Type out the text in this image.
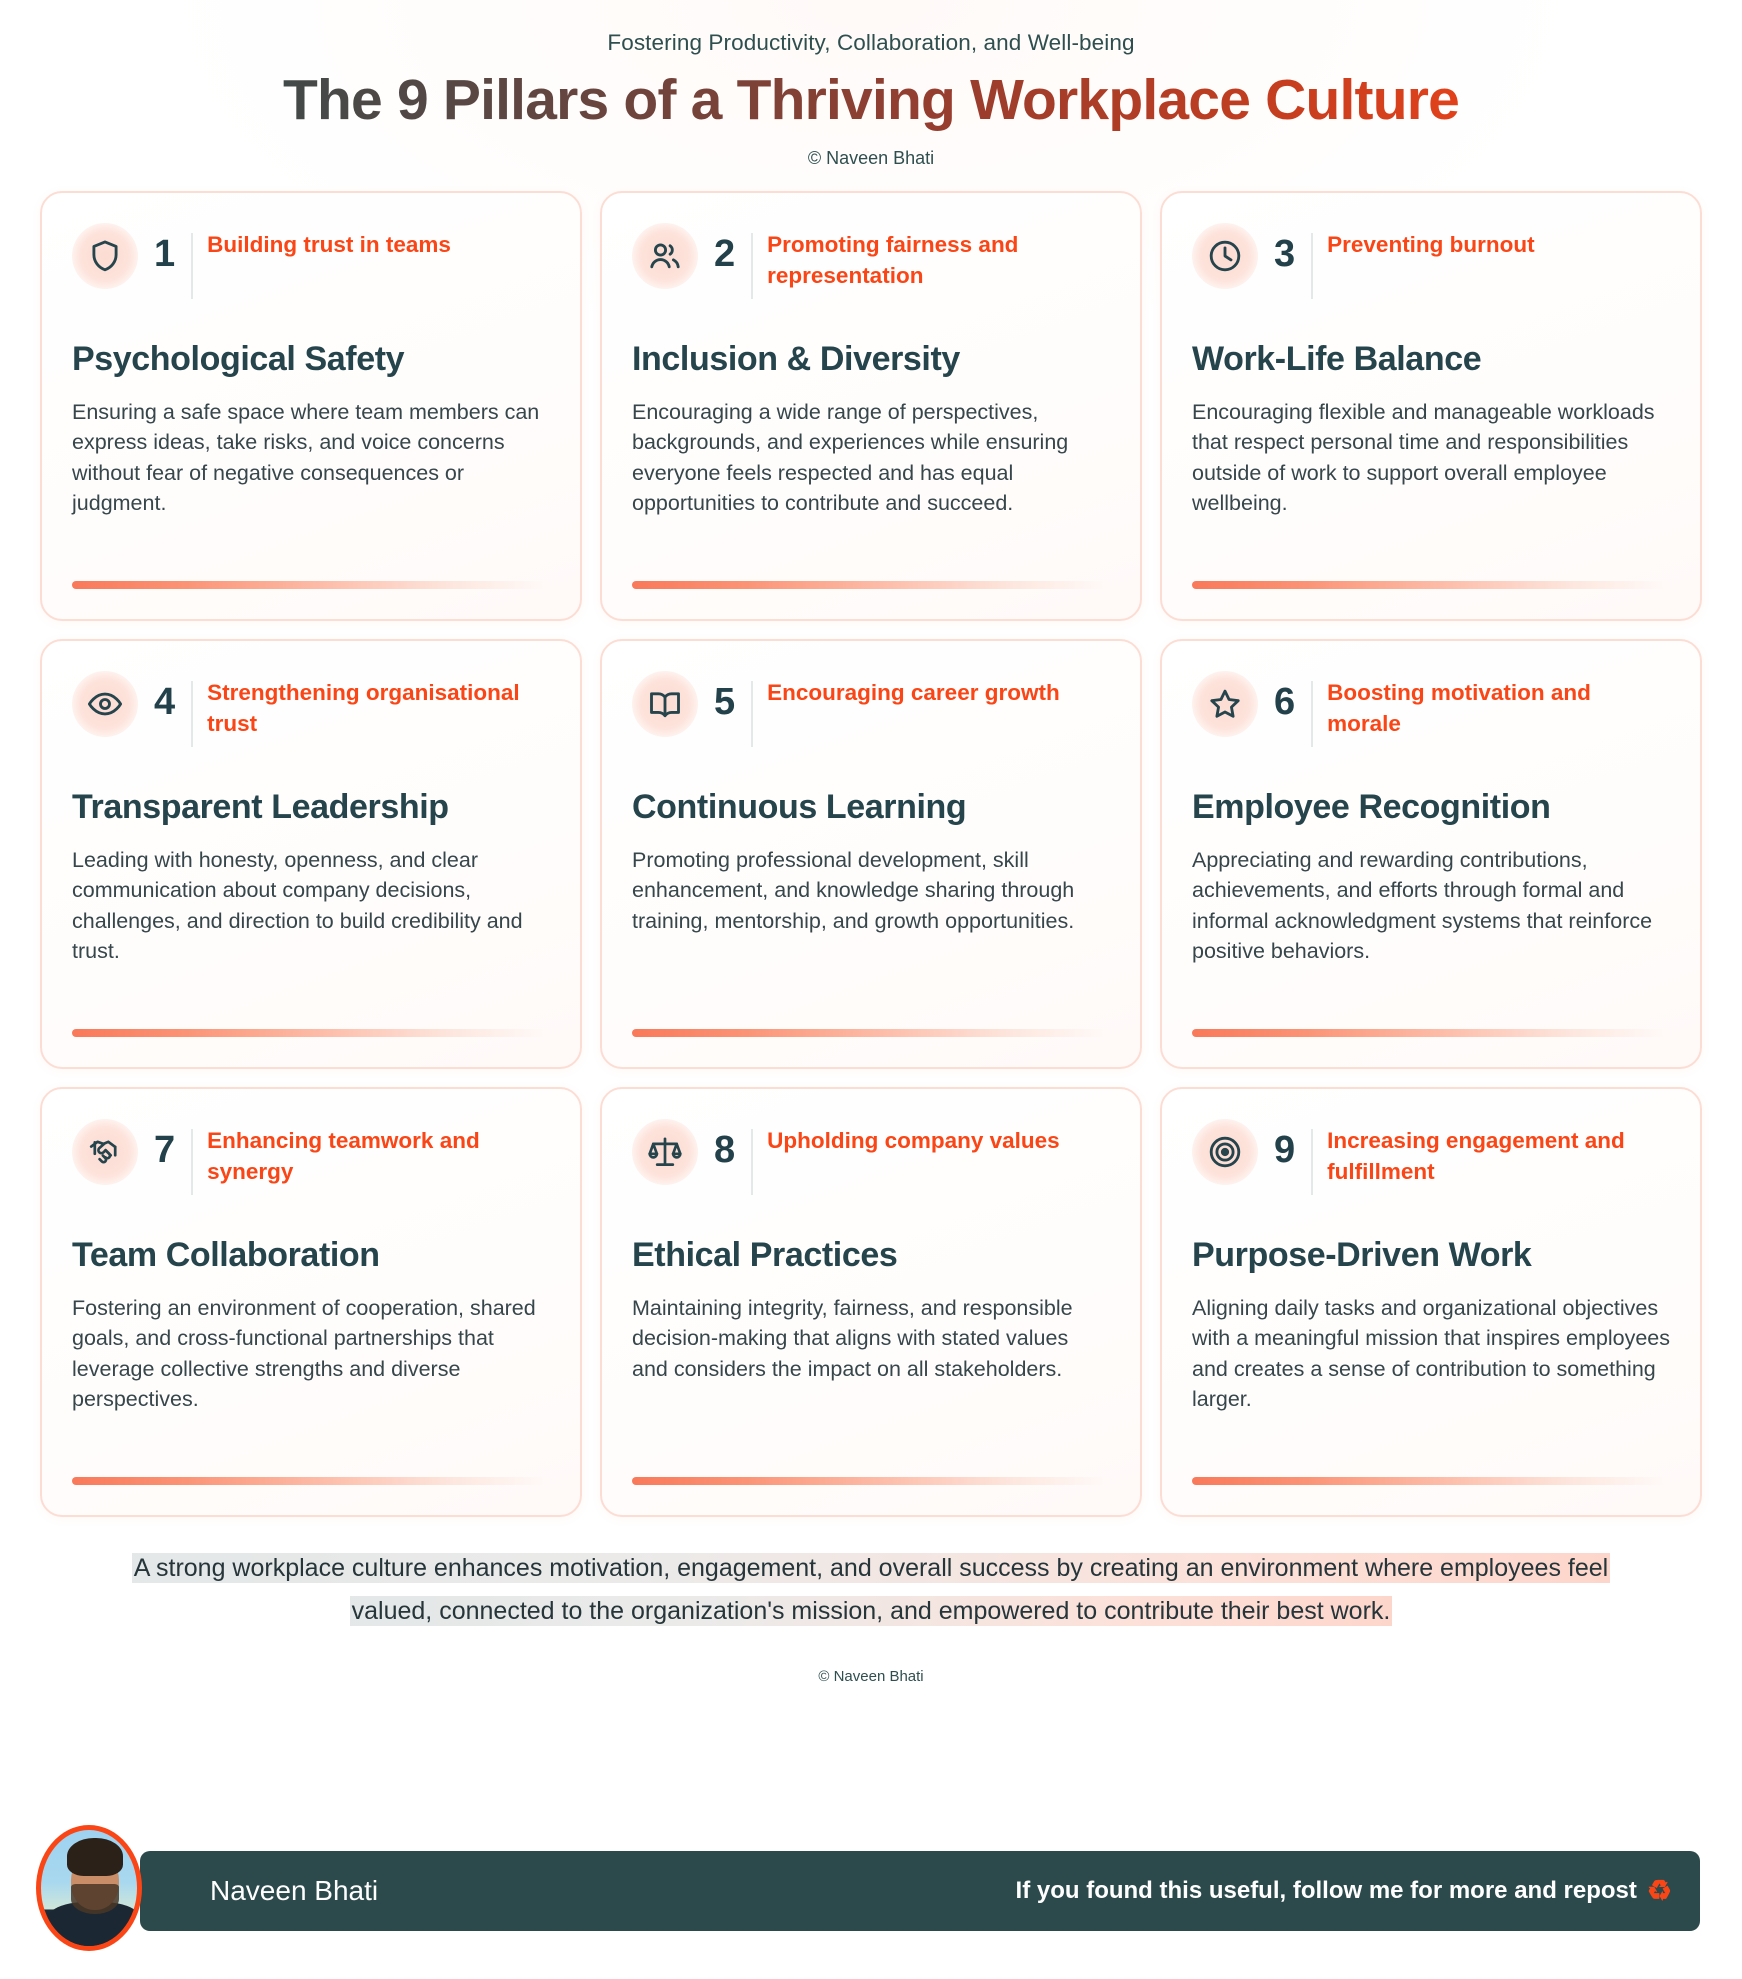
Fostering Productivity, Collaboration, and Well-being
The 9 Pillars of a Thriving Workplace Culture
© Naveen Bhati
1 Building trust in teams
Psychological Safety
Ensuring a safe space where team members can express ideas, take risks, and voice concerns without fear of negative consequences or judgment.
2 Promoting fairness and representation
Inclusion & Diversity
Encouraging a wide range of perspectives, backgrounds, and experiences while ensuring everyone feels respected and has equal opportunities to contribute and succeed.
3 Preventing burnout
Work-Life Balance
Encouraging flexible and manageable workloads that respect personal time and responsibilities outside of work to support overall employee wellbeing.
4 Strengthening organisational trust
Transparent Leadership
Leading with honesty, openness, and clear communication about company decisions, challenges, and direction to build credibility and trust.
5 Encouraging career growth
Continuous Learning
Promoting professional development, skill enhancement, and knowledge sharing through training, mentorship, and growth opportunities.
6 Boosting motivation and morale
Employee Recognition
Appreciating and rewarding contributions, achievements, and efforts through formal and informal acknowledgment systems that reinforce positive behaviors.
7 Enhancing teamwork and synergy
Team Collaboration
Fostering an environment of cooperation, shared goals, and cross-functional partnerships that leverage collective strengths and diverse perspectives.
8 Upholding company values
Ethical Practices
Maintaining integrity, fairness, and responsible decision-making that aligns with stated values and considers the impact on all stakeholders.
9 Increasing engagement and fulfillment
Purpose-Driven Work
Aligning daily tasks and organizational objectives with a meaningful mission that inspires employees and creates a sense of contribution to something larger.
A strong workplace culture enhances motivation, engagement, and overall success by creating an environment where employees feel valued, connected to the organization's mission, and empowered to contribute their best work.
© Naveen Bhati
Naveen Bhati	If you found this useful, follow me for more and repost ♻
